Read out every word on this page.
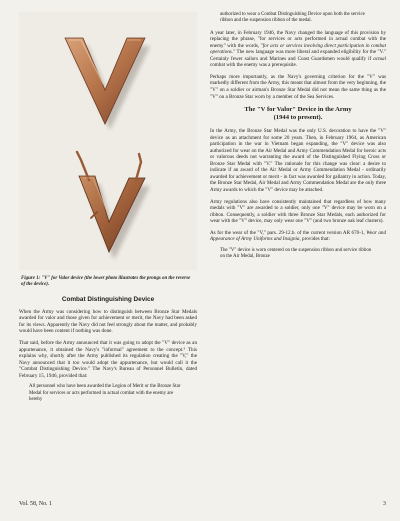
Figure 1: "V" for Valor device (the lower photo illustrates the prongs on the reverse of the device).
Combat Distinguishing Device

When the Army was considering how to distinguish between Bronze Star Medals awarded for valor and those given for achievement or merit, the Navy had been asked for its views. Apparently the Navy did not feel strongly about the matter, and probably would have been content if nothing was done.

That said, before the Army announced that it was going to adopt the "V" device as an appurtenance, it obtained the Navy's "informal" agreement to the concept.⁵ This explains why, shortly after the Army published its regulation creating the "V," the Navy announced that it too would adopt the appurtenance, but would call it the "Combat Distinguishing Device." The Navy's Bureau of Personnel Bulletin, dated February 15, 1946, provided that:

All personnel who have been awarded the Legion of Merit or the Bronze Star Medal for services or acts performed in actual combat with the enemy are hereby

authorized to wear a Combat Distinguishing Device upon both the service ribbon and the suspension ribbon of the medal.

A year later, in February 1946, the Navy changed the language of this provision by replacing the phrase, "for services or acts performed in actual combat with the enemy" with the words, "for acts or services involving direct participation in combat operations." The new language was more liberal and expanded eligibility for the "V." Certainly fewer sailors and Marines and Coast Guardsmen would qualify if actual combat with the enemy was a prerequisite.

Perhaps more importantly, as the Navy's governing criterion for the "V" was markedly different from the Army, this meant that almost from the very beginning, the "V" on a soldier or airman's Bronze Star Medal did not mean the same thing as the "V" on a Bronze Star worn by a member of the Sea Services.

The "V for Valor" Device in the Army
(1944 to present).

In the Army, the Bronze Star Medal was the only U.S. decoration to have the "V" device as an attachment for some 20 years. Then, in February 1964, as American participation in the war in Vietnam began expanding, the "V" device was also authorized for wear on the Air Medal and Army Commendation Medal for heroic acts or valorous deeds not warranting the award of the Distinguished Flying Cross or Bronze Star Medal with "V." The rationale for this change was clear: a desire to indicate if an award of the Air Medal or Army Commendation Medal - ordinarily awarded for achievement or merit - in fact was awarded for gallantry in action. Today, the Bronze Star Medal, Air Medal and Army Commendation Medal are the only three Army awards to which the "V" device may be attached.

Army regulations also have consistently maintained that regardless of how many medals with "V" are awarded to a soldier, only one "V" device may be worn on a ribbon. Consequently, a soldier with three Bronze Star Medals, each authorized for wear with the "V" device, may only wear one "V" (and two bronze oak leaf clusters).

As for the wear of the "V," pars. 29-12.b. of the current version AR 670-1, Wear and Appearance of Army Uniforms and Insignia, provides that:

The "V" device is worn centered on the suspension ribbon and service ribbon on the Air Medal, Bronze

Vol. 58, No. 1	3
